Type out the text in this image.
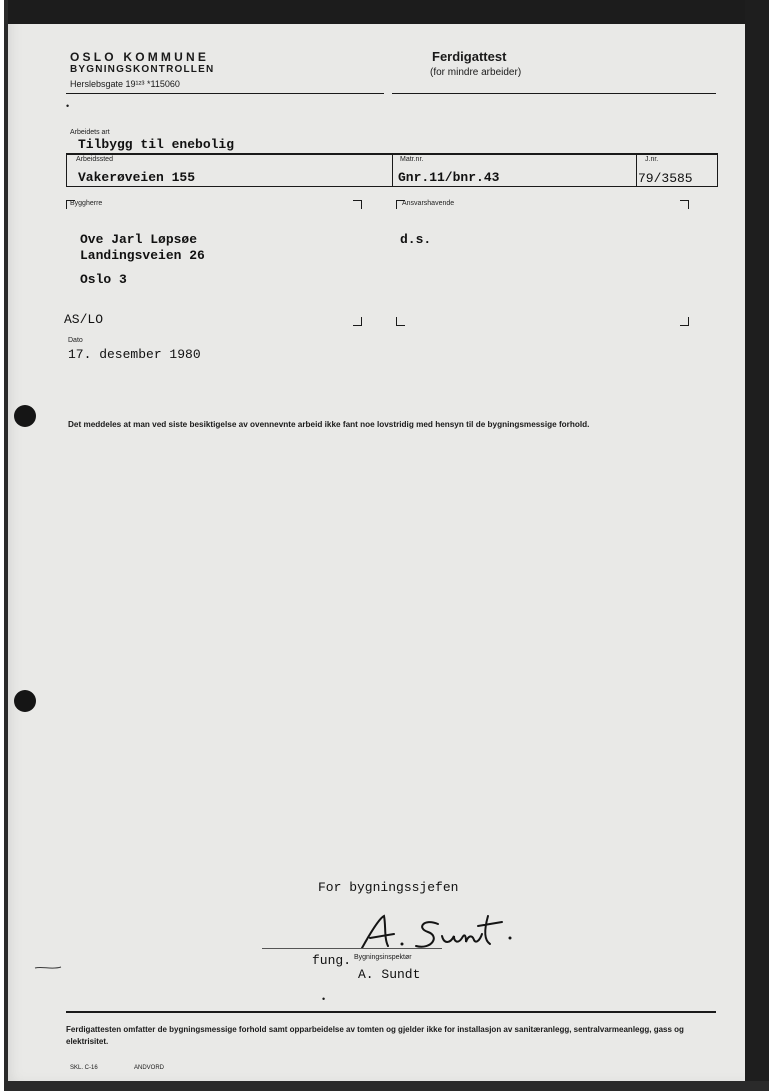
OSLO KOMMUNE
BYGNINGSKONTROLLEN
Herslebsgate 19¹²³ *115060
Ferdigattest
(for mindre arbeider)
•
Arbeidets art
Tilbygg til enebolig
Arbeidssted
Vakerøveien 155
Matr.nr.
Gnr.11/bnr.43
J.nr.
79/3585
Byggherre
Ove Jarl Løpsøe
Landingsveien 26
Oslo 3
Ansvarshavende
d.s.
AS/LO
Dato
17. desember 1980
Det meddeles at man ved siste besiktigelse av ovennevnte arbeid ikke fant noe lovstridig med hensyn til de bygningsmessige forhold.
For bygningssjefen
fung. Bygningsinspektør
A. Sundt
•
Ferdigattesten omfatter de bygningsmessige forhold samt opparbeidelse av tomten og gjelder ikke for installasjon av sanitæranlegg, sentralvarmeanlegg, gass og elektrisitet.
SKL. C-16	ANDVORD
